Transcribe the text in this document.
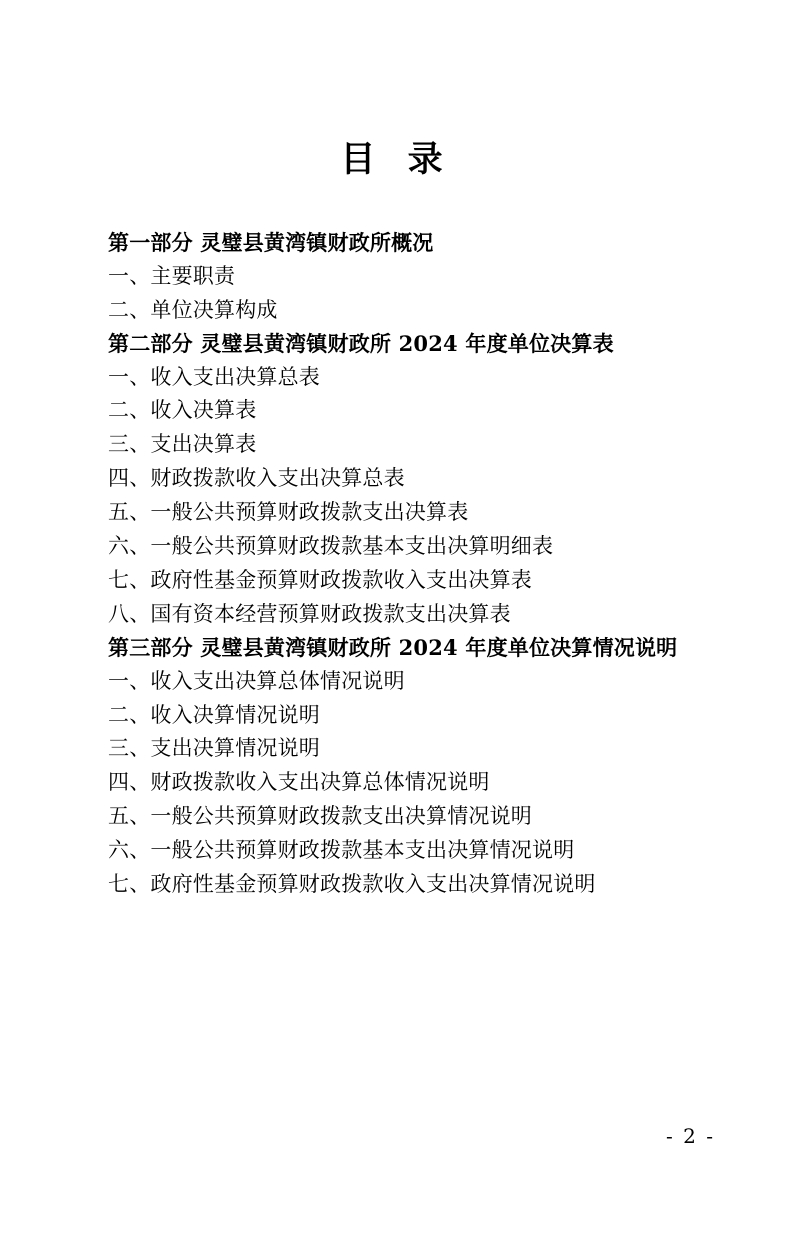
目 录
第一部分 灵璧县黄湾镇财政所概况
一、主要职责
二、单位决算构成
第二部分 灵璧县黄湾镇财政所 2024 年度单位决算表
一、收入支出决算总表
二、收入决算表
三、支出决算表
四、财政拨款收入支出决算总表
五、一般公共预算财政拨款支出决算表
六、一般公共预算财政拨款基本支出决算明细表
七、政府性基金预算财政拨款收入支出决算表
八、国有资本经营预算财政拨款支出决算表
第三部分 灵璧县黄湾镇财政所 2024 年度单位决算情况说明
一、收入支出决算总体情况说明
二、收入决算情况说明
三、支出决算情况说明
四、财政拨款收入支出决算总体情况说明
五、一般公共预算财政拨款支出决算情况说明
六、一般公共预算财政拨款基本支出决算情况说明
七、政府性基金预算财政拨款收入支出决算情况说明
- 2 -
